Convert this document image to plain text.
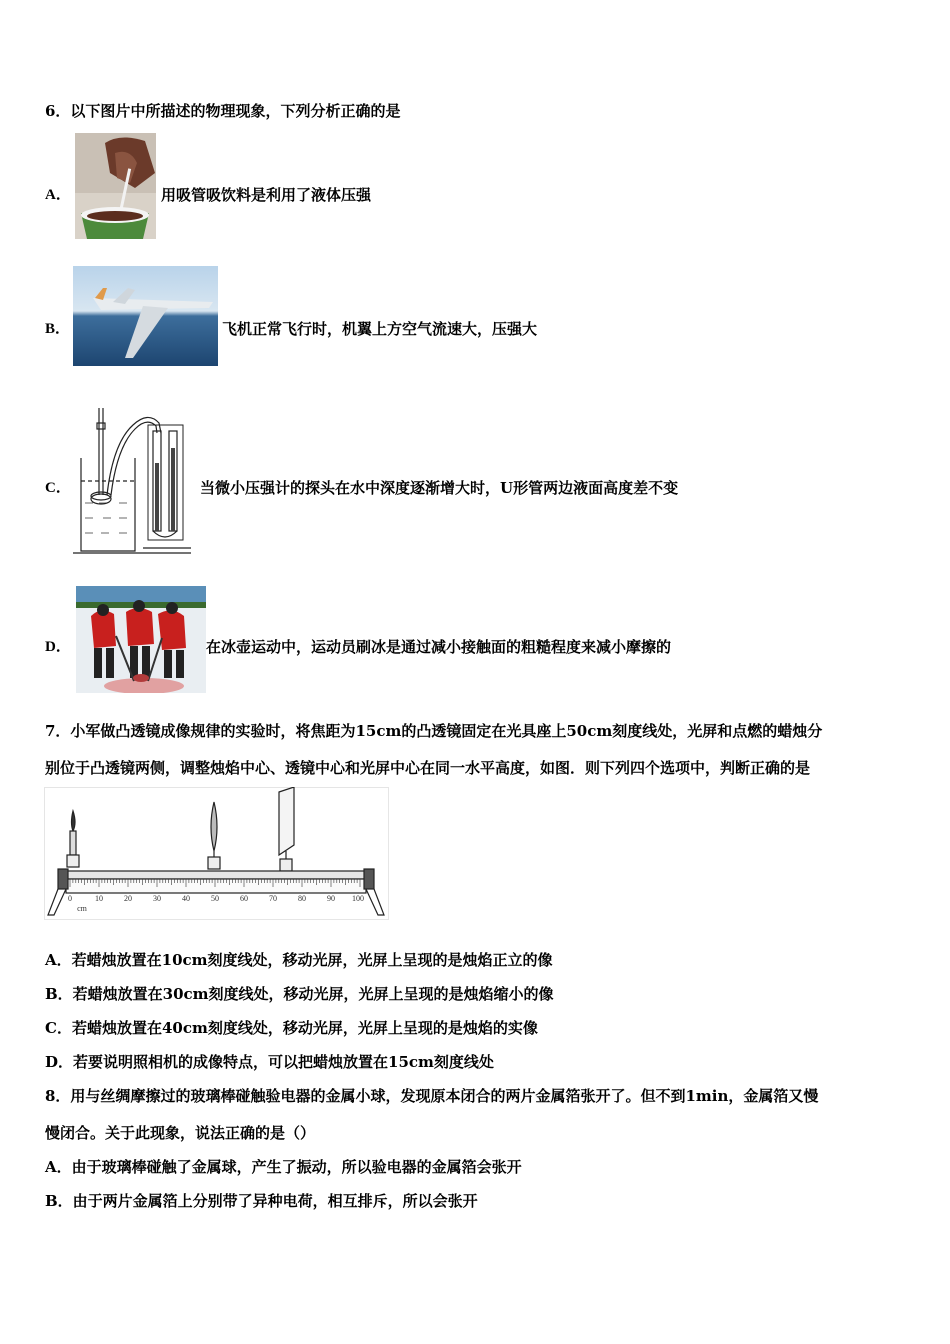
6．以下图片中所描述的物理现象，下列分析正确的是
A．	用吸管吸饮料是利用了液体压强
B．	飞机正常飞行时，机翼上方空气流速大，压强大
C．	当微小压强计的探头在水中深度逐渐增大时，U形管两边液面高度差不变
D．	在冰壶运动中，运动员刷冰是通过减小接触面的粗糙程度来减小摩擦的
7．小军做凸透镜成像规律的实验时，将焦距为15cm的凸透镜固定在光具座上50cm刻度线处，光屏和点燃的蜡烛分
别位于凸透镜两侧，调整烛焰中心、透镜中心和光屏中心在同一水平高度，如图．则下列四个选项中，判断正确的是
0	10	20	30	40	50	60	70	80	90 100
cm
A．若蜡烛放置在10cm刻度线处，移动光屏，光屏上呈现的是烛焰正立的像
B．若蜡烛放置在30cm刻度线处，移动光屏，光屏上呈现的是烛焰缩小的像
C．若蜡烛放置在40cm刻度线处，移动光屏，光屏上呈现的是烛焰的实像
D．若要说明照相机的成像特点，可以把蜡烛放置在15cm刻度线处
8．用与丝绸摩擦过的玻璃棒碰触验电器的金属小球，发现原本闭合的两片金属箔张开了。但不到1min，金属箔又慢
慢闭合。关于此现象，说法正确的是（）
A．由于玻璃棒碰触了金属球，产生了振动，所以验电器的金属箔会张开
B．由于两片金属箔上分别带了异种电荷，相互排斥，所以会张开
